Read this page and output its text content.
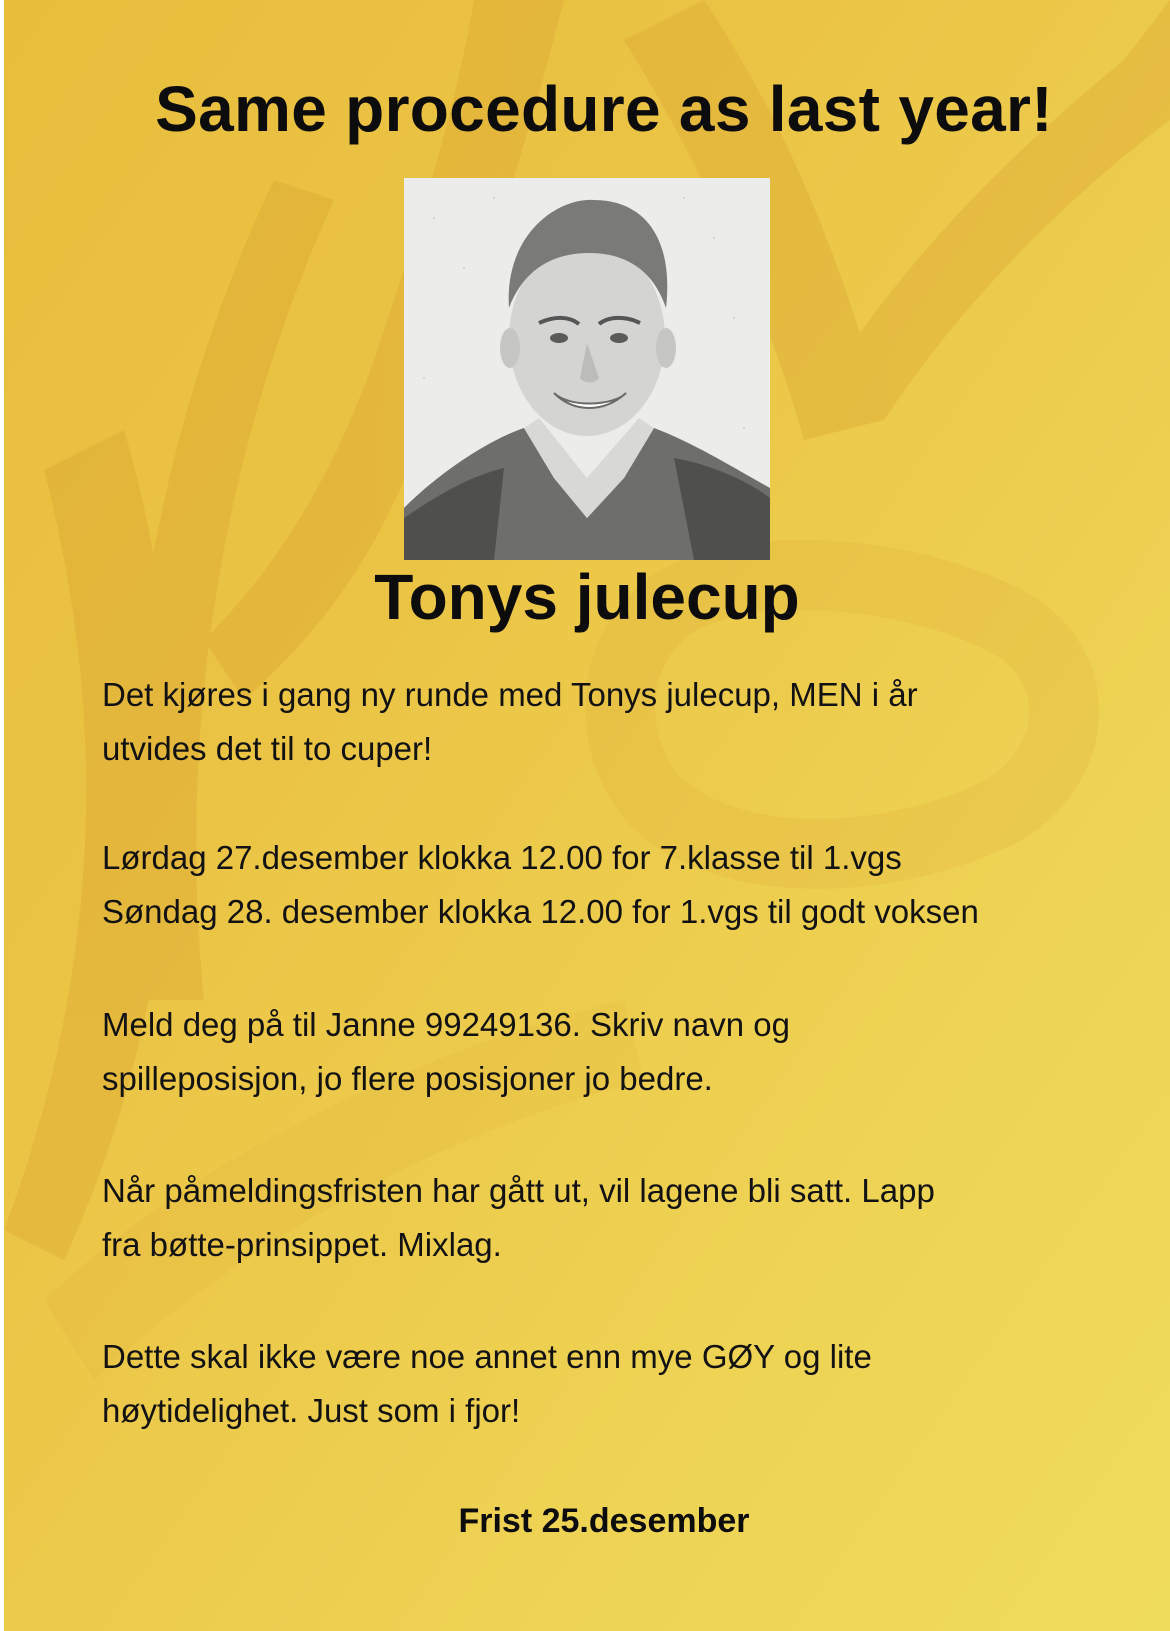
Same procedure as last year!
Tonys julecup
Det kjøres i gang ny runde med Tonys julecup, MEN i år
utvides det til to cuper!
Lørdag 27.desember klokka 12.00 for 7.klasse til 1.vgs
Søndag 28. desember klokka 12.00 for 1.vgs til godt voksen
Meld deg på til Janne 99249136. Skriv navn og
spilleposisjon, jo flere posisjoner jo bedre.
Når påmeldingsfristen har gått ut, vil lagene bli satt. Lapp
fra bøtte-prinsippet. Mixlag.
Dette skal ikke være noe annet enn mye GØY og lite
høytidelighet. Just som i fjor!
Frist 25.desember
